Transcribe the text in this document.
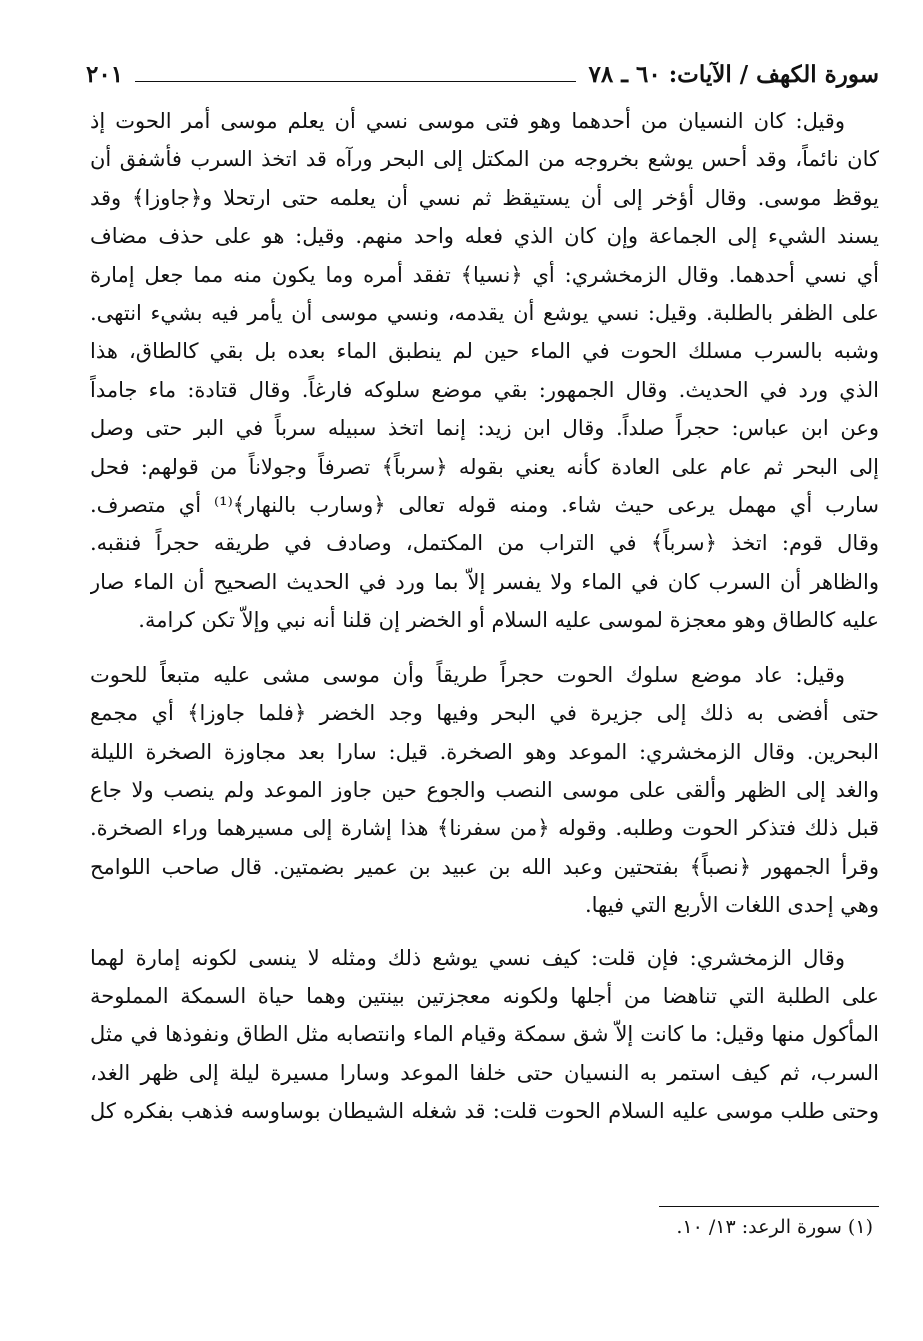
سورة الكهف / الآيات: ٦٠ ـ ٧٨
٢٠١
وقيل: كان النسيان من أحدهما وهو فتى موسى نسي أن يعلم موسى أمر الحوت إذ
كان نائماً، وقد أحس يوشع بخروجه من المكتل إلى البحر ورآه قد اتخذ السرب فأشفق أن
يوقظ موسى. وقال أؤخر إلى أن يستيقظ ثم نسي أن يعلمه حتى ارتحلا و﴿جاوزا﴾ وقد
يسند الشيء إلى الجماعة وإن كان الذي فعله واحد منهم. وقيل: هو على حذف مضاف
أي نسي أحدهما. وقال الزمخشري: أي ﴿نسيا﴾ تفقد أمره وما يكون منه مما جعل إمارة
على الظفر بالطلبة. وقيل: نسي يوشع أن يقدمه، ونسي موسى أن يأمر فيه بشيء انتهى.
وشبه بالسرب مسلك الحوت في الماء حين لم ينطبق الماء بعده بل بقي كالطاق، هذا
الذي ورد في الحديث. وقال الجمهور: بقي موضع سلوكه فارغاً. وقال قتادة: ماء جامداً
وعن ابن عباس: حجراً صلداً. وقال ابن زيد: إنما اتخذ سبيله سرباً في البر حتى وصل
إلى البحر ثم عام على العادة كأنه يعني بقوله ﴿سرباً﴾ تصرفاً وجولاناً من قولهم: فحل
سارب أي مهمل يرعى حيث شاء. ومنه قوله تعالى ﴿وسارب بالنهار﴾⁽¹⁾ أي متصرف.
وقال قوم: اتخذ ﴿سرباً﴾ في التراب من المكتمل، وصادف في طريقه حجراً فنقبه.
والظاهر أن السرب كان في الماء ولا يفسر إلاّ بما ورد في الحديث الصحيح أن الماء صار
عليه كالطاق وهو معجزة لموسى عليه السلام أو الخضر إن قلنا أنه نبي وإلاّ تكن كرامة.
وقيل: عاد موضع سلوك الحوت حجراً طريقاً وأن موسى مشى عليه متبعاً للحوت
حتى أفضى به ذلك إلى جزيرة في البحر وفيها وجد الخضر ﴿فلما جاوزا﴾ أي مجمع
البحرين. وقال الزمخشري: الموعد وهو الصخرة. قيل: سارا بعد مجاوزة الصخرة الليلة
والغد إلى الظهر وألقى على موسى النصب والجوع حين جاوز الموعد ولم ينصب ولا جاع
قبل ذلك فتذكر الحوت وطلبه. وقوله ﴿من سفرنا﴾ هذا إشارة إلى مسيرهما وراء الصخرة.
وقرأ الجمهور ﴿نصباً﴾ بفتحتين وعبد الله بن عبيد بن عمير بضمتين. قال صاحب اللوامح
وهي إحدى اللغات الأربع التي فيها.
وقال الزمخشري: فإن قلت: كيف نسي يوشع ذلك ومثله لا ينسى لكونه إمارة لهما
على الطلبة التي تناهضا من أجلها ولكونه معجزتين بينتين وهما حياة السمكة المملوحة
المأكول منها وقيل: ما كانت إلاّ شق سمكة وقيام الماء وانتصابه مثل الطاق ونفوذها في مثل
السرب، ثم كيف استمر به النسيان حتى خلفا الموعد وسارا مسيرة ليلة إلى ظهر الغد،
وحتى طلب موسى عليه السلام الحوت قلت: قد شغله الشيطان بوساوسه فذهب بفكره كل
(١) سورة الرعد: ١٣/ ١٠.
